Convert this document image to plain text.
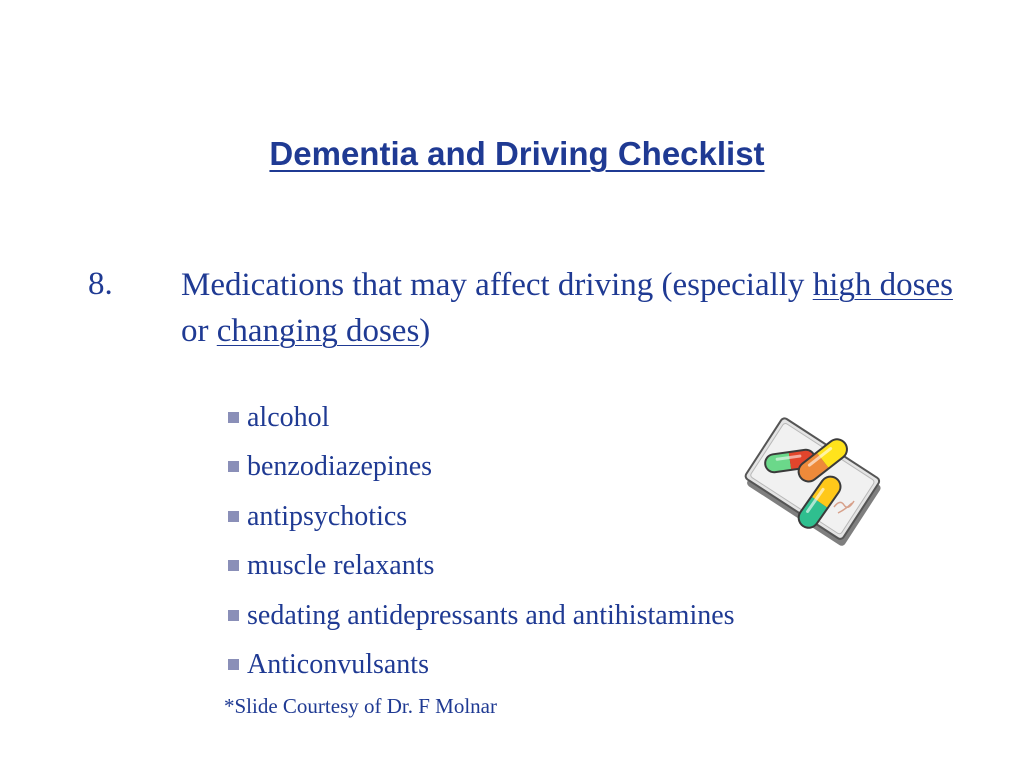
Dementia and Driving Checklist
8. Medications that may affect driving (especially high doses or changing doses)
alcohol
benzodiazepines
antipsychotics
muscle relaxants
sedating antidepressants and antihistamines
Anticonvulsants
*Slide Courtesy of Dr. F Molnar
